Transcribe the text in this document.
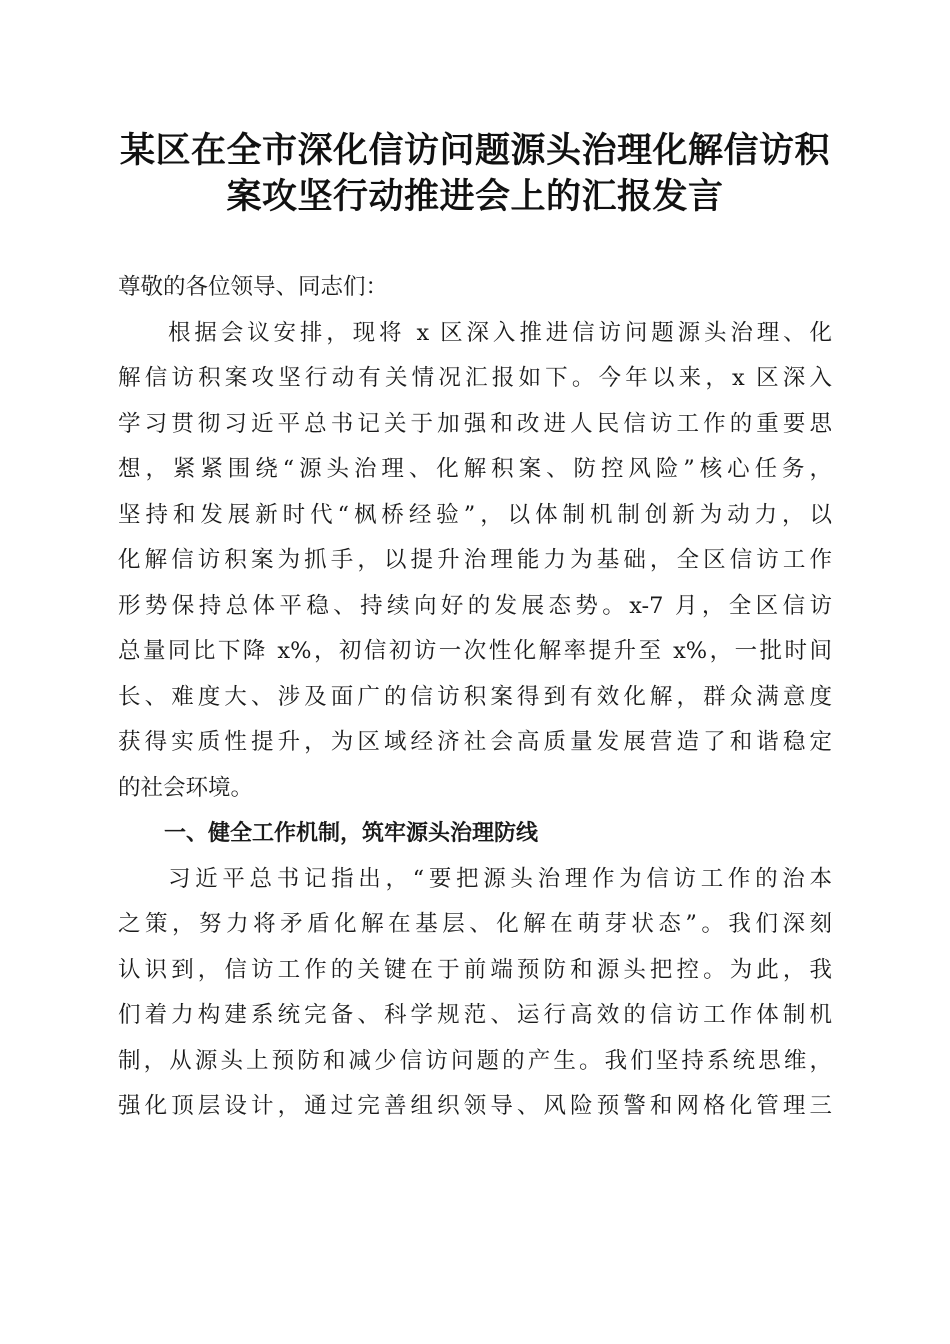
某区在全市深化信访问题源头治理化解信访积
案攻坚行动推进会上的汇报发言
尊敬的各位领导、同志们：
根据会议安排，现将 x 区深入推进信访问题源头治理、化
解信访积案攻坚行动有关情况汇报如下。今年以来，x 区深入
学习贯彻习近平总书记关于加强和改进人民信访工作的重要思
想，紧紧围绕“源头治理、化解积案、防控风险”核心任务，
坚持和发展新时代“枫桥经验”，以体制机制创新为动力，以
化解信访积案为抓手，以提升治理能力为基础，全区信访工作
形势保持总体平稳、持续向好的发展态势。x-7 月，全区信访
总量同比下降 x%，初信初访一次性化解率提升至 x%，一批时间
长、难度大、涉及面广的信访积案得到有效化解，群众满意度
获得实质性提升，为区域经济社会高质量发展营造了和谐稳定
的社会环境。
一、健全工作机制，筑牢源头治理防线
习近平总书记指出，“要把源头治理作为信访工作的治本
之策，努力将矛盾化解在基层、化解在萌芽状态”。我们深刻
认识到，信访工作的关键在于前端预防和源头把控。为此，我
们着力构建系统完备、科学规范、运行高效的信访工作体制机
制，从源头上预防和减少信访问题的产生。我们坚持系统思维，
强化顶层设计，通过完善组织领导、风险预警和网格化管理三
